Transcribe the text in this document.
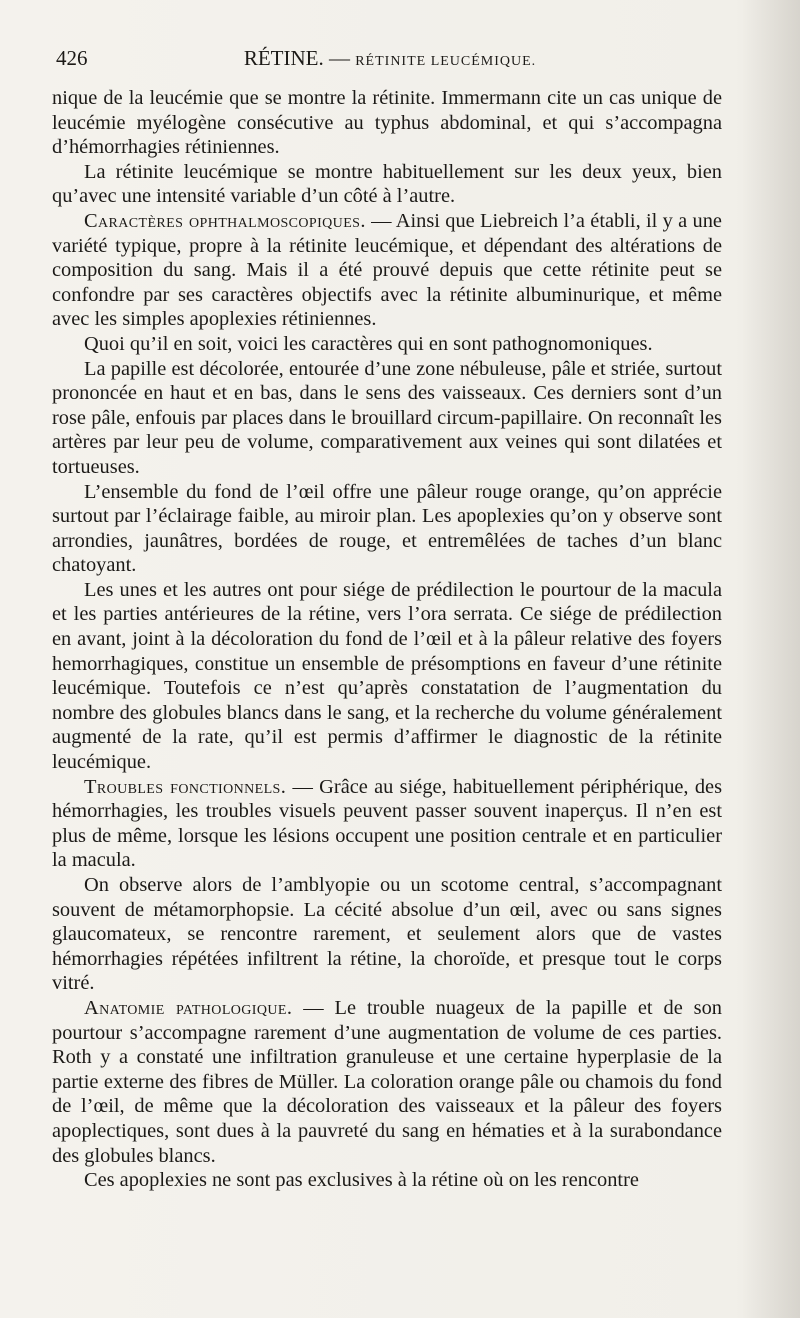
426	RÉTINE. — RÉTINITE LEUCÉMIQUE.

nique de la leucémie que se montre la rétinite. Immermann cite un cas unique de leucémie myélogène consécutive au typhus abdominal, et qui s’accompagna d’hémorrhagies rétiniennes.

La rétinite leucémique se montre habituellement sur les deux yeux, bien qu’avec une intensité variable d’un côté à l’autre.

Caractères ophthalmoscopiques. — Ainsi que Liebreich l’a établi, il y a une variété typique, propre à la rétinite leucémique, et dépendant des altérations de composition du sang. Mais il a été prouvé depuis que cette rétinite peut se confondre par ses caractères objectifs avec la rétinite albuminurique, et même avec les simples apoplexies rétiniennes.

Quoi qu’il en soit, voici les caractères qui en sont pathognomoniques.

La papille est décolorée, entourée d’une zone nébuleuse, pâle et striée, surtout prononcée en haut et en bas, dans le sens des vaisseaux. Ces derniers sont d’un rose pâle, enfouis par places dans le brouillard circum-papillaire. On reconnaît les artères par leur peu de volume, comparativement aux veines qui sont dilatées et tortueuses.

L’ensemble du fond de l’œil offre une pâleur rouge orange, qu’on apprécie surtout par l’éclairage faible, au miroir plan. Les apoplexies qu’on y observe sont arrondies, jaunâtres, bordées de rouge, et entremêlées de taches d’un blanc chatoyant.

Les unes et les autres ont pour siége de prédilection le pourtour de la macula et les parties antérieures de la rétine, vers l’ora serrata. Ce siége de prédilection en avant, joint à la décoloration du fond de l’œil et à la pâleur relative des foyers hemorrhagiques, constitue un ensemble de présomptions en faveur d’une rétinite leucémique. Toutefois ce n’est qu’après constatation de l’augmentation du nombre des globules blancs dans le sang, et la recherche du volume généralement augmenté de la rate, qu’il est permis d’affirmer le diagnostic de la rétinite leucémique.

Troubles fonctionnels. — Grâce au siége, habituellement périphérique, des hémorrhagies, les troubles visuels peuvent passer souvent inaperçus. Il n’en est plus de même, lorsque les lésions occupent une position centrale et en particulier la macula.

On observe alors de l’amblyopie ou un scotome central, s’accompagnant souvent de métamorphopsie. La cécité absolue d’un œil, avec ou sans signes glaucomateux, se rencontre rarement, et seulement alors que de vastes hémorrhagies répétées infiltrent la rétine, la choroïde, et presque tout le corps vitré.

Anatomie pathologique. — Le trouble nuageux de la papille et de son pourtour s’accompagne rarement d’une augmentation de volume de ces parties. Roth y a constaté une infiltration granuleuse et une certaine hyperplasie de la partie externe des fibres de Müller. La coloration orange pâle ou chamois du fond de l’œil, de même que la décoloration des vaisseaux et la pâleur des foyers apoplectiques, sont dues à la pauvreté du sang en hématies et à la surabondance des globules blancs.

Ces apoplexies ne sont pas exclusives à la rétine où on les rencontre
